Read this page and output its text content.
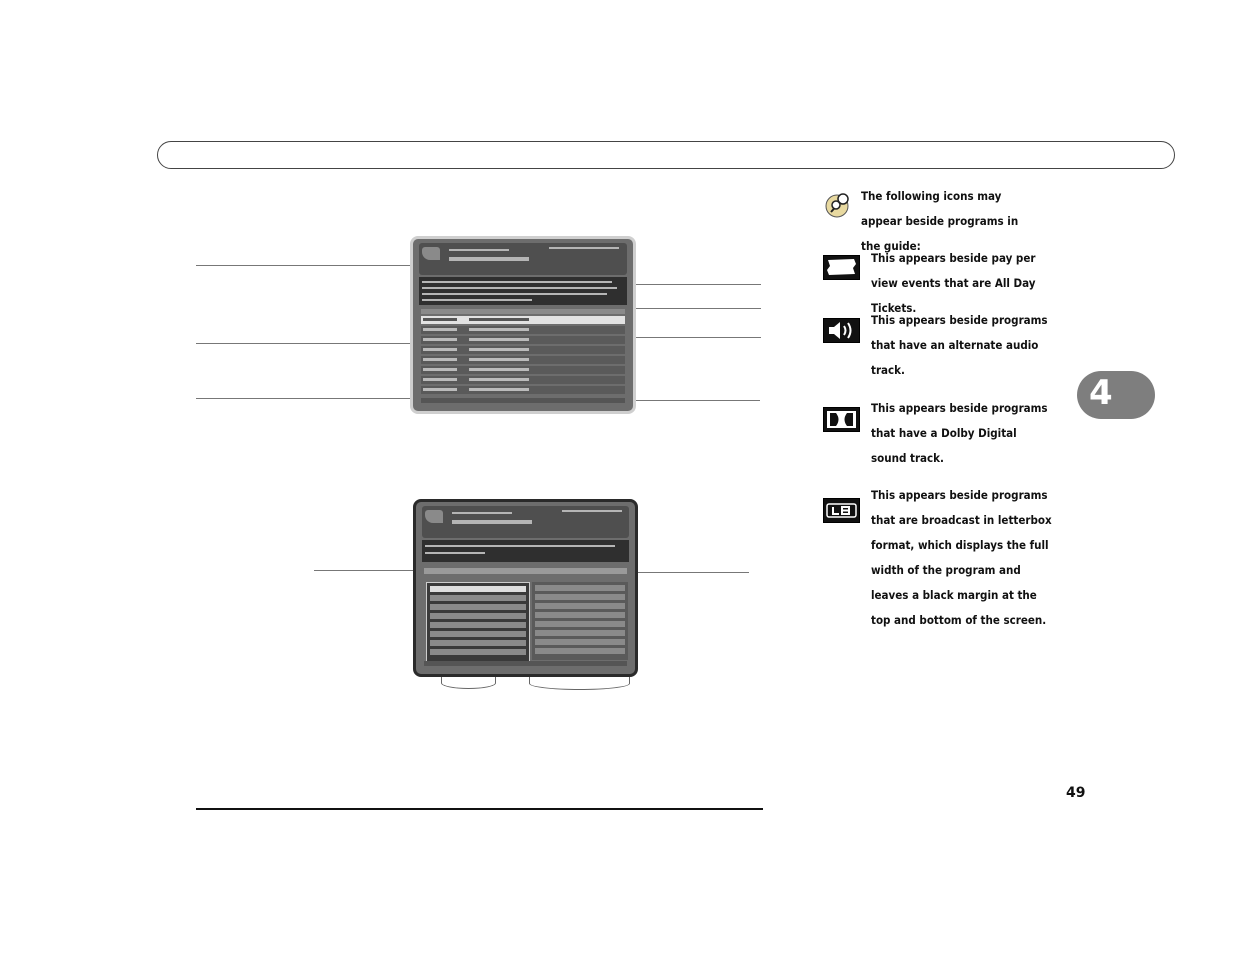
The following icons may appear beside programs in the guide:

This appears beside pay per view events that are All Day Tickets.

This appears beside programs that have an alternate audio track.

This appears beside programs that have a Dolby Digital sound track.

This appears beside programs that are broadcast in letterbox format, which displays the full width of the program and leaves a black margin at the top and bottom of the screen.

4
49
